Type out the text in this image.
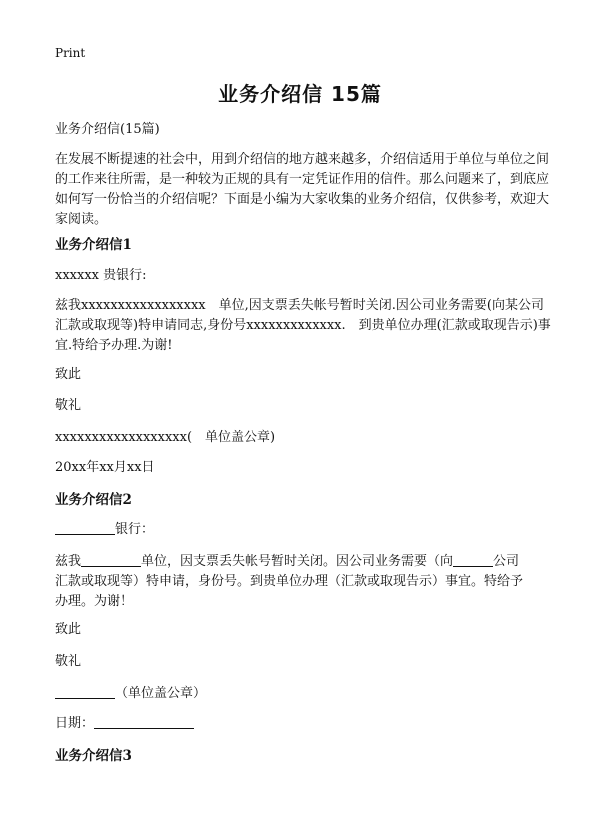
Print
业务介绍信 15篇
业务介绍信(15篇)
在发展不断提速的社会中，用到介绍信的地方越来越多，介绍信适用于单位与单位之间的工作来往所需，是一种较为正规的具有一定凭证作用的信件。那么问题来了，到底应如何写一份恰当的介绍信呢？下面是小编为大家收集的业务介绍信，仅供参考，欢迎大家阅读。
业务介绍信1
xxxxxx 贵银行:
兹我xxxxxxxxxxxxxxxxx　单位,因支票丢失帐号暂时关闭.因公司业务需要(向某公司汇款或取现等)特申请同志,身份号xxxxxxxxxxxxx.　到贵单位办理(汇款或取现告示)事宜.特给予办理.为谢!
致此
敬礼
xxxxxxxxxxxxxxxxxx(　单位盖公章)
20xx年xx月xx日
业务介绍信2
银行：
兹我	单位，因支票丢失帐号暂时关闭。因公司业务需要（向	公司
汇款或取现等）特申请，身份号。到贵单位办理（汇款或取现告示）事宜。特给予
办理。为谢！
致此
敬礼
（单位盖公章）
日期：
业务介绍信3
